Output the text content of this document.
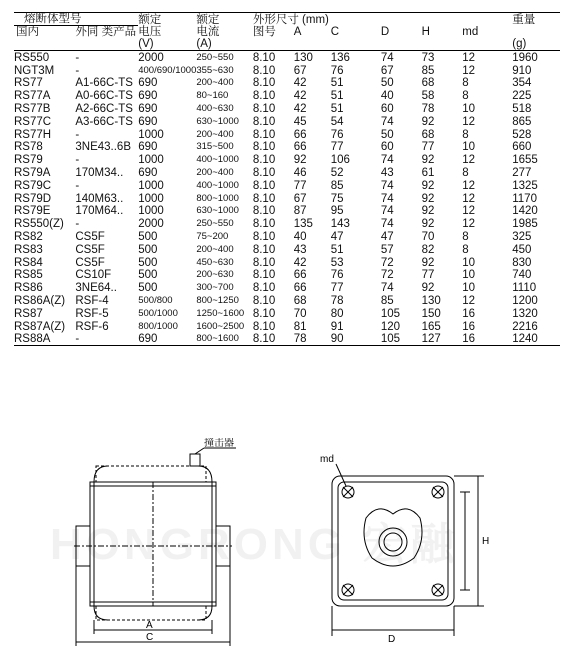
熔断体型号		额定	额定	外形尺寸 (mm)						重量
国内	外同 类产品	电压	电流	图号	A	C	D	H	md	
		(V)	(A)							(g)
RS550	-	2000	250~550	8.10	130	136	74	73	12	1960
NGT3M	-	400/690/1000	355~630	8.10	67	76	67	85	12	910
RS77	A1-66C-TS	690	200~400	8.10	42	51	50	68	8	354
RS77A	A0-66C-TS	690	80~160	8.10	42	51	40	58	8	225
RS77B	A2-66C-TS	690	400~630	8.10	42	51	60	78	10	518
RS77C	A3-66C-TS	690	630~1000	8.10	45	54	74	92	12	865
RS77H	-	1000	200~400	8.10	66	76	50	68	8	528
RS78	3NE43..6B	690	315~500	8.10	66	77	60	77	10	660
RS79	-	1000	400~1000	8.10	92	106	74	92	12	1655
RS79A	170M34..	690	200~400	8.10	46	52	43	61	8	277
RS79C	-	1000	400~1000	8.10	77	85	74	92	12	1325
RS79D	140M63..	1000	800~1000	8.10	67	75	74	92	12	1170
RS79E	170M64..	1000	630~1000	8.10	87	95	74	92	12	1420
RS550(Z)	-	2000	250~550	8.10	135	143	74	92	12	1985
RS82	CS5F	500	75~200	8.10	40	47	47	70	8	325
RS83	CS5F	500	200~400	8.10	43	51	57	82	8	450
RS84	CS5F	500	450~630	8.10	42	53	72	92	10	830
RS85	CS10F	500	200~630	8.10	66	76	72	77	10	740
RS86	3NE64..	500	300~700	8.10	66	77	74	92	10	1110
RS86A(Z)	RSF-4	500/800	800~1250	8.10	68	78	85	130	12	1200
RS87	RSF-5	500/1000	1250~1600	8.10	70	80	105	150	16	1320
RS87A(Z)	RSF-6	800/1000	1600~2500	8.10	81	91	120	165	16	2216
RS88A	-	690	800~1600	8.10	78	90	105	127	16	1240
HONGRONG 宏融
撞击器
A
C
md
D
H
